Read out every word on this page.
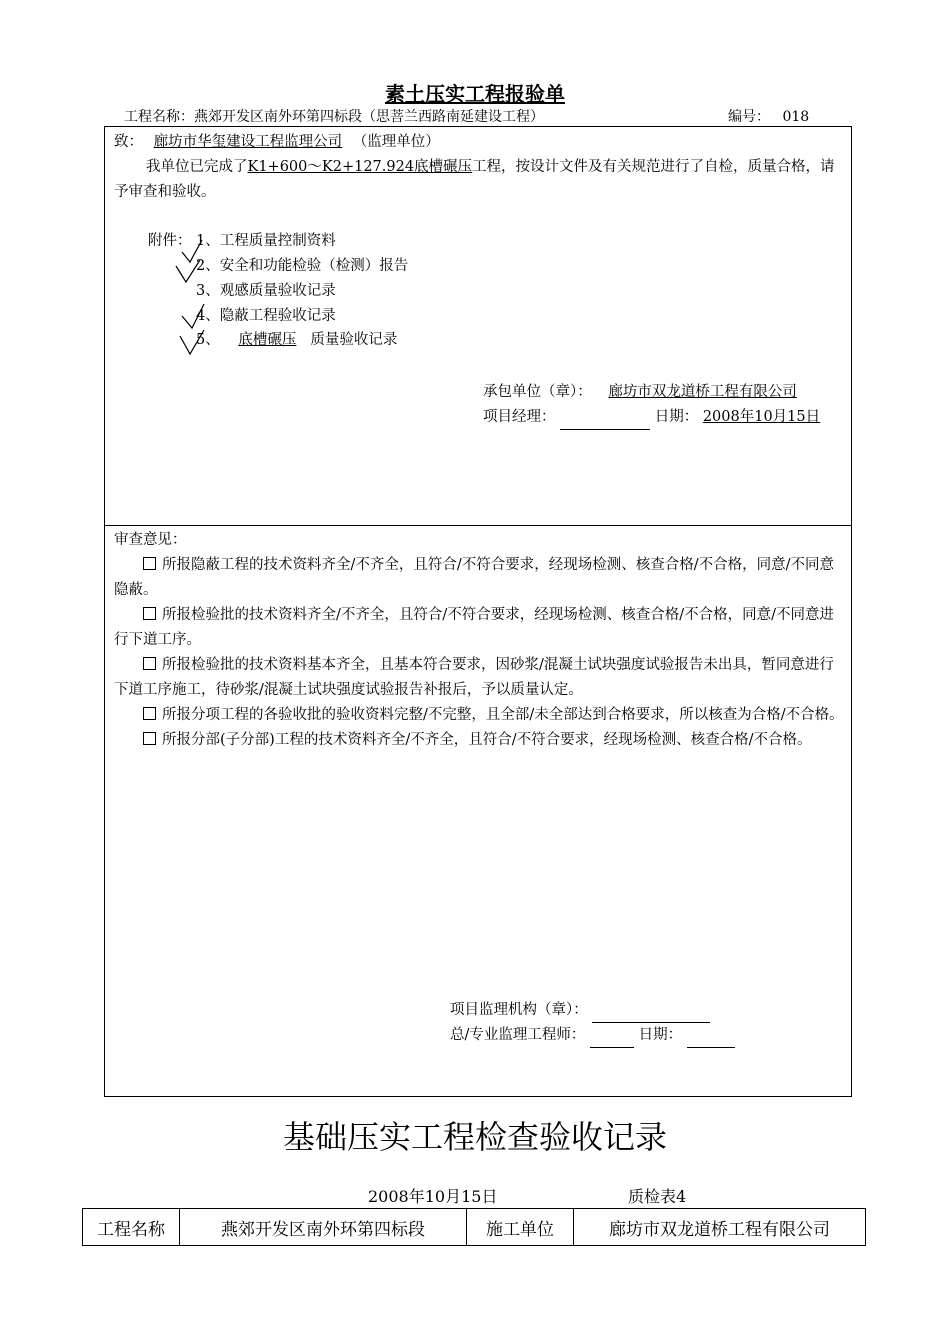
素土压实工程报验单
工程名称：燕郊开发区南外环第四标段（思菩兰西路南延建设工程）	编号： 018
致： 廊坊市华玺建设工程监理公司 （监理单位）
我单位已完成了K1+600～K2+127.924底槽碾压工程，按设计文件及有关规范进行了自检，质量合格，请予审查和验收。
附件： 1、工程质量控制资料
2、安全和功能检验（检测）报告
3、观感质量验收记录
4、隐蔽工程验收记录
5、 底槽碾压 质量验收记录
承包单位（章）： 廊坊市双龙道桥工程有限公司
项目经理：	日期： 2008年10月15日

审查意见：

所报隐蔽工程的技术资料齐全/不齐全，且符合/不符合要求，经现场检测、核查合格/不合格，同意/不同意隐蔽。

所报检验批的技术资料齐全/不齐全，且符合/不符合要求，经现场检测、核查合格/不合格，同意/不同意进行下道工序。

所报检验批的技术资料基本齐全，且基本符合要求，因砂浆/混凝土试块强度试验报告未出具，暂同意进行下道工序施工，待砂浆/混凝土试块强度试验报告补报后，予以质量认定。

所报分项工程的各验收批的验收资料完整/不完整，且全部/未全部达到合格要求，所以核查为合格/不合格。

所报分部(子分部)工程的技术资料齐全/不齐全，且符合/不符合要求，经现场检测、核查合格/不合格。

项目监理机构（章）：
总/专业监理工程师：	日期：
基础压实工程检查验收记录
2008年10月15日	质检表4
工程名称	燕郊开发区南外环第四标段	施工单位	廊坊市双龙道桥工程有限公司
